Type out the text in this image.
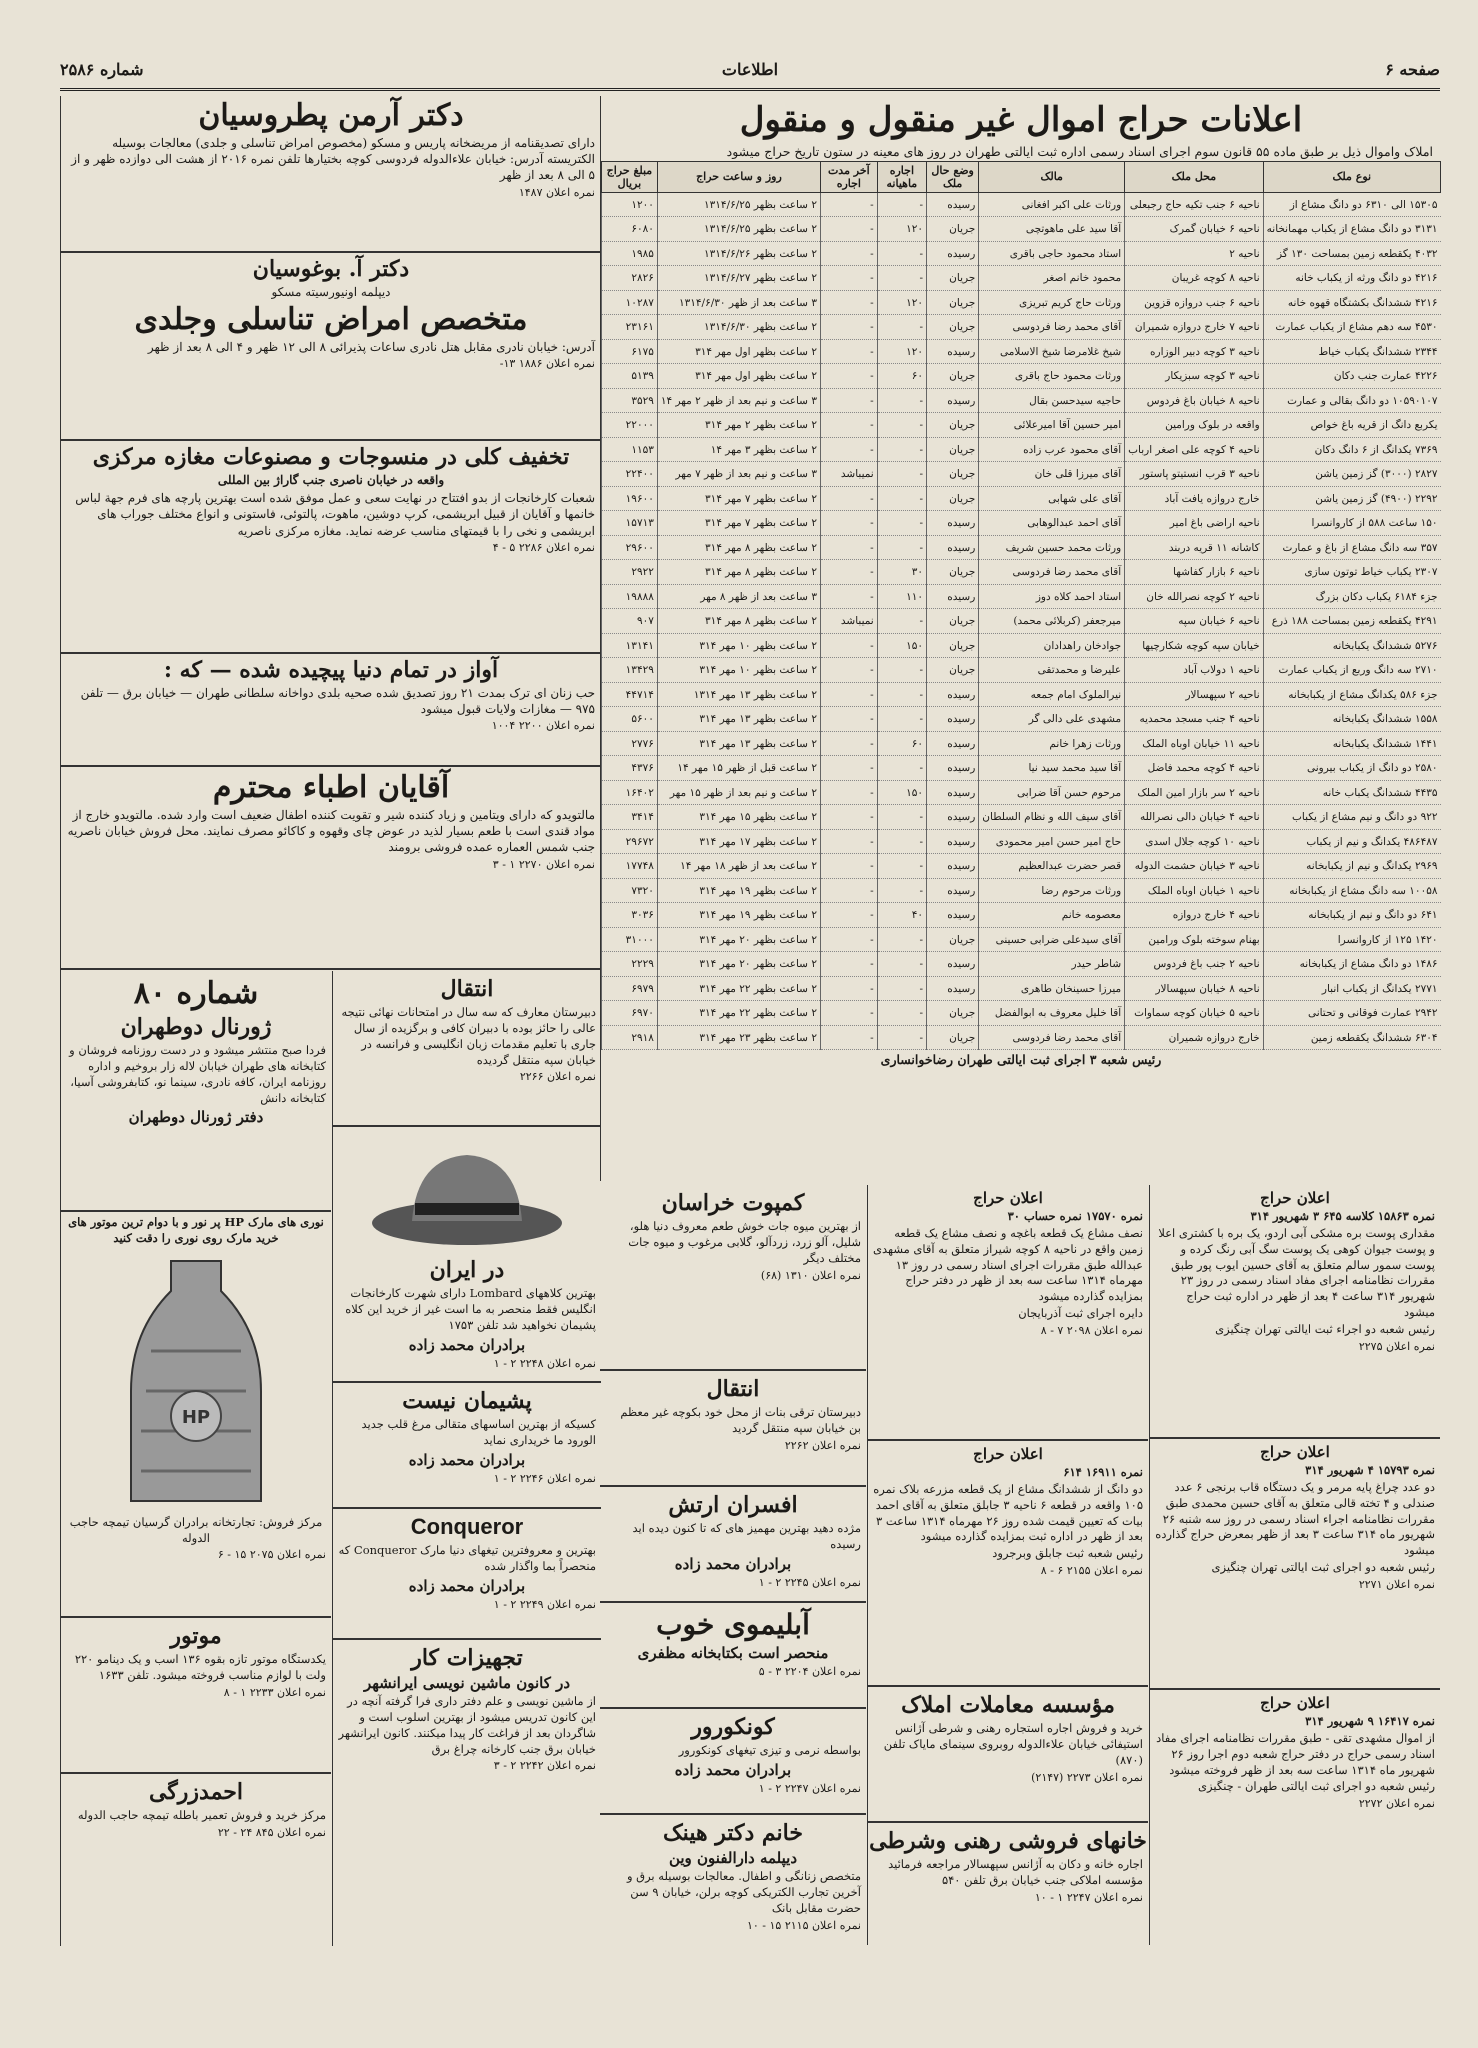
صفحه ۶
اطلاعات
شماره ۲۵۸۶
اعلانات حراج اموال غیر منقول و منقول
املاک واموال ذیل بر طبق ماده ۵۵ قانون سوم اجرای اسناد رسمی اداره ثبت ایالتی طهران در روز های معینه در ستون تاریخ حراج میشود
نوع ملک	محل ملک	مالک	وضع حال ملک	اجاره ماهیانه	آخر مدت اجاره	روز و ساعت حراج	مبلغ حراج بریال
۱۵۳۰۵ الی ۶۳۱۰ دو دانگ مشاع از	ناحیه ۶ جنب تکیه حاج رجبعلی	ورثات علی اکبر افغانی	رسیده	-	-	۲ ساعت بظهر ۱۳۱۴/۶/۲۵	۱۲۰۰
۳۱۳۱ دو دانگ مشاع از یکباب مهمانخانه	ناحیه ۶ خیابان گمرک	آقا سید علی ماهوتچی	جریان	۱۲۰	-	۲ ساعت بظهر ۱۳۱۴/۶/۲۵	۶۰۸۰
۴۰۳۲ یکقطعه زمین بمساحت ۱۳۰ گز	ناحیه ۲	استاد محمود حاجی باقری	رسیده	-	-	۲ ساعت بظهر ۱۳۱۴/۶/۲۶	۱۹۸۵
۴۲۱۶ دو دانگ ورثه از یکباب خانه	ناحیه ۸ کوچه غریبان	محمود خانم اصغر	جریان	-	-	۲ ساعت بظهر ۱۳۱۴/۶/۲۷	۲۸۲۶
۴۲۱۶ ششدانگ بکشتگاه قهوه خانه	ناحیه ۶ جنب دروازه قزوین	ورثات حاج کریم تبریزی	جریان	۱۲۰	-	۳ ساعت بعد از ظهر ۱۳۱۴/۶/۳۰	۱۰۲۸۷
۴۵۳۰ سه دهم مشاع از یکباب عمارت	ناحیه ۷ خارج دروازه شمیران	آقای محمد رضا فردوسی	جریان	-	-	۲ ساعت بظهر ۱۳۱۴/۶/۳۰	۲۳۱۶۱
۲۳۴۴ ششدانگ یکباب خیاط	ناحیه ۳ کوچه دبیر الوزاره	شیخ غلامرضا شیخ الاسلامی	رسیده	۱۲۰	-	۲ ساعت بظهر اول مهر ۳۱۴	۶۱۷۵
۴۲۲۶ عمارت جنب دکان	ناحیه ۳ کوچه سبزیکار	ورثات محمود حاج باقری	جریان	۶۰	-	۲ ساعت بظهر اول مهر ۳۱۴	۵۱۳۹
۱۰۵۹۰۱۰۷ دو دانگ بقالی و عمارت	ناحیه ۸ خیابان باغ فردوس	حاجیه سیدحسن بقال	رسیده	-	-	۳ ساعت و نیم بعد از ظهر ۲ مهر ۱۴	۳۵۲۹
یکربع دانگ از قریه باغ خواص	واقعه در بلوک ورامین	امیر حسین آقا امیرعلائی	جریان	-	-	۲ ساعت بظهر ۲ مهر ۳۱۴	۲۲۰۰۰
۷۳۶۹ یکدانگ از ۶ دانگ دکان	ناحیه ۴ کوچه علی اصغر ارباب	آقای محمود عرب زاده	جریان	-	-	۲ ساعت بظهر ۳ مهر ۱۴	۱۱۵۳
۲۸۲۷ (۳۰۰۰) گز زمین یاشن	ناحیه ۳ قرب انستیتو پاستور	آقای میرزا قلی خان	جریان	-	نمیباشد	۳ ساعت و نیم بعد از ظهر ۷ مهر	۲۲۴۰۰
۲۲۹۲ (۴۹۰۰) گز زمین یاشن	خارج دروازه یافت آباد	آقای علی شهابی	جریان	-	-	۲ ساعت بظهر ۷ مهر ۳۱۴	۱۹۶۰۰
۱۵۰ ساعت ۵۸۸ از کاروانسرا	ناحیه اراضی باغ امیر	آقای احمد عبدالوهابی	رسیده	-	-	۲ ساعت بظهر ۷ مهر ۳۱۴	۱۵۷۱۳
۳۵۷ سه دانگ مشاع از باغ و عمارت	کاشانه ۱۱ قریه دربند	ورثات محمد حسین شریف	رسیده	-	-	۲ ساعت بظهر ۸ مهر ۳۱۴	۲۹۶۰۰
۲۳۰۷ یکباب خیاط توتون سازی	ناحیه ۶ بازار کفاشها	آقای محمد رضا فردوسی	جریان	۳۰	-	۲ ساعت بظهر ۸ مهر ۳۱۴	۲۹۲۲
جزء ۶۱۸۴ یکباب دکان بزرگ	ناحیه ۲ کوچه نصرالله خان	استاد احمد کلاه دوز	رسیده	۱۱۰	-	۳ ساعت بعد از ظهر ۸ مهر	۱۹۸۸۸
۴۲۹۱ یکقطعه زمین بمساحت ۱۸۸ ذرع	ناحیه ۶ خیابان سپه	میرجعفر (کربلائی محمد)	جریان	-	نمیباشد	۲ ساعت بظهر ۸ مهر ۳۱۴	۹۰۷
۵۲۷۶ ششدانگ یکبابخانه	خیابان سپه کوچه شکارچیها	جوادخان راهدادان	جریان	۱۵۰	-	۲ ساعت بظهر ۱۰ مهر ۳۱۴	۱۳۱۴۱
۲۷۱۰ سه دانگ وربع از یکباب عمارت	ناحیه ۱ دولاب آباد	علیرضا و محمدتقی	جریان	-	-	۲ ساعت بظهر ۱۰ مهر ۳۱۴	۱۳۴۲۹
جزء ۵۸۶ یکدانگ مشاع از یکبابخانه	ناحیه ۲ سپهسالار	نیرالملوک امام جمعه	رسیده	-	-	۲ ساعت بظهر ۱۳ مهر ۱۳۱۴	۴۴۷۱۴
۱۵۵۸ ششدانگ یکبابخانه	ناحیه ۴ جنب مسجد محمدیه	مشهدی علی دالی گر	رسیده	-	-	۲ ساعت بظهر ۱۳ مهر ۳۱۴	۵۶۰۰
۱۴۴۱ ششدانگ یکبابخانه	ناحیه ۱۱ خیابان اوباه الملک	ورثات زهرا خانم	رسیده	۶۰	-	۲ ساعت بظهر ۱۳ مهر ۳۱۴	۲۷۷۶
۲۵۸۰ دو دانگ از یکباب بیرونی	ناحیه ۴ کوچه محمد فاضل	آقا سید محمد سید نیا	رسیده	-	-	۲ ساعت قبل از ظهر ۱۵ مهر ۱۴	۴۳۷۶
۴۴۳۵ ششدانگ یکباب خانه	ناحیه ۲ سر بازار امین الملک	مرحوم حسن آقا ضرابی	رسیده	۱۵۰	-	۲ ساعت و نیم بعد از ظهر ۱۵ مهر	۱۶۴۰۲
۹۲۲ دو دانگ و نیم مشاع از یکباب	ناحیه ۴ خیابان دالی نصرالله	آقای سیف الله و نظام السلطان	رسیده	-	-	۲ ساعت بظهر ۱۵ مهر ۳۱۴	۳۴۱۴
۴۸۶۴۸۷ یکدانگ و نیم از یکباب	ناحیه ۱۰ کوچه جلال اسدی	حاج امیر حسن امیر محمودی	رسیده	-	-	۲ ساعت بظهر ۱۷ مهر ۳۱۴	۲۹۶۷۲
۲۹۶۹ یکدانگ و نیم از یکبابخانه	ناحیه ۳ خیابان حشمت الدوله	قصر حضرت عبدالعظیم	رسیده	-	-	۲ ساعت بعد از ظهر ۱۸ مهر ۱۴	۱۷۷۴۸
۱۰۰۵۸ سه دانگ مشاع از یکبابخانه	ناحیه ۱ خیابان اوباه الملک	ورثات مرحوم رضا	رسیده	-	-	۲ ساعت بظهر ۱۹ مهر ۳۱۴	۷۳۲۰
۶۴۱ دو دانگ و نیم از یکبابخانه	ناحیه ۴ خارج دروازه	معصومه خانم	رسیده	۴۰	-	۲ ساعت بظهر ۱۹ مهر ۳۱۴	۳۰۳۶
۱۴۲۰ ۱۲۵ از کاروانسرا	بهنام سوخته بلوک ورامین	آقای سیدعلی ضرابی حسینی	جریان	-	-	۲ ساعت بظهر ۲۰ مهر ۳۱۴	۳۱۰۰۰
۱۴۸۶ دو دانگ مشاع از یکبابخانه	ناحیه ۲ جنب باغ فردوس	شاطر حیدر	رسیده	-	-	۲ ساعت بظهر ۲۰ مهر ۳۱۴	۲۲۲۹
۲۷۷۱ یکدانگ از یکباب انبار	ناحیه ۸ خیابان سپهسالار	میرزا حسینخان طاهری	رسیده	-	-	۲ ساعت بظهر ۲۲ مهر ۳۱۴	۶۹۷۹
۲۹۴۲ عمارت فوقانی و تحتانی	ناحیه ۵ خیابان کوچه سماوات	آقا خلیل معروف به ابوالفضل	جریان	-	-	۲ ساعت بظهر ۲۲ مهر ۳۱۴	۶۹۷۰
۶۳۰۴ ششدانگ یکقطعه زمین	خارج دروازه شمیران	آقای محمد رضا فردوسی	جریان	-	-	۲ ساعت بظهر ۲۳ مهر ۳۱۴	۲۹۱۸
رئیس شعبه ۳ اجرای ثبت ایالتی طهران رضاخوانساری
دکتر آرمن پطروسیان

دارای تصدیقنامه از مریضخانه پاریس و مسکو (مخصوص امراض تناسلی و جلدی) معالجات بوسیله الکتریسته آدرس: خیابان علاءالدوله فردوسی کوچه بختیارها تلفن نمره ۲۰۱۶ از هشت الی دوازده ظهر و از ۵ الی ۸ بعد از ظهر

نمره اعلان ۱۴۸۷

دکتر آ. بوغوسیان

دیپلمه اونیورسیته مسکو

متخصص امراض تناسلی وجلدی

آدرس: خیابان نادری مقابل هتل نادری ساعات پذیرائی ۸ الی ۱۲ ظهر و ۴ الی ۸ بعد از ظهر

نمره اعلان ۱۸۸۶ ۱۳-

تخفیف کلی در منسوجات و مصنوعات مغازه مرکزی

واقعه در خیابان ناصری جنب گاراژ بین المللی

شعبات کارخانجات از بدو افتتاح در نهایت سعی و عمل موفق شده است بهترین پارچه های فرم جهة لباس خانمها و آقایان از قبیل ابریشمی، کرپ دوشین، ماهوت، پالتوئی، فاستونی و انواع مختلف جوراب های ابریشمی و نخی را با قیمتهای مناسب عرضه نماید. مغازه مرکزی ناصریه

نمره اعلان ۲۲۸۶ ۵ - ۴

آواز در تمام دنیا پیچیده شده — که :

حب زنان ای ترک بمدت ۲۱ روز تصدیق شده صحیه بلدی دواخانه سلطانی طهران — خیابان برق — تلفن ۹۷۵ — مغازات ولایات قبول میشود

نمره اعلان ۲۲۰۰ ۱۰۰۴

آقایان اطباء محترم

مالتویدو که دارای ویتامین و زیاد کننده شیر و تقویت کننده اطفال ضعیف است وارد شده. مالتویدو خارج از مواد قندی است با طعم بسیار لذید در عوض چای وقهوه و کاکائو مصرف نمایند. محل فروش خیابان ناصریه جنب شمس العماره عمده فروشی برومند

نمره اعلان ۲۲۷۰ ۱ - ۳

انتقال

دبیرستان معارف که سه سال در امتحانات نهائی نتیجه عالی را حائز بوده با دبیران کافی و برگزیده از سال جاری با تعلیم مقدمات زبان انگلیسی و فرانسه در خیابان سپه منتقل گردیده

نمره اعلان ۲۲۶۶

در ایران

بهترین کلاههای Lombard دارای شهرت کارخانجات انگلیس فقط منحصر به ما است غیر از خرید این کلاه پشیمان نخواهید شد تلفن ۱۷۵۳

برادران محمد زاده

نمره اعلان ۲۲۴۸ ۲ - ۱

پشیمان نیست

کسیکه از بهترین اساسهای متقالی مرغ قلب جدید الورود ما خریداری نماید

برادران محمد زاده

نمره اعلان ۲۲۴۶ ۲ - ۱

Conqueror

بهترین و معروفترین تیغهای دنیا مارک Conqueror که منحصراً بما واگذار شده

برادران محمد زاده

نمره اعلان ۲۲۴۹ ۲ - ۱

تجهیزات کار
در کانون ماشین نویسی ایرانشهر

از ماشین نویسی و علم دفتر داری فرا گرفته آنچه در این کانون تدریس میشود از بهترین اسلوب است و شاگردان بعد از فراغت کار پیدا میکنند. کانون ایرانشهر خیابان برق جنب کارخانه چراغ برق

نمره اعلان ۲۲۴۲ ۲ - ۳

شماره ۸۰
ژورنال دوطهران

فردا صبح منتشر میشود و در دست روزنامه فروشان و کتابخانه های طهران خیابان لاله زار بروخیم و اداره روزنامه ایران، کافه نادری، سینما نو، کتابفروشی آسیا، کتابخانه دانش

دفتر ژورنال دوطهران

نوری های مارک HP پر نور و با دوام ترین موتور های خرید مارک روی نوری را دقت کنید

HP

مرکز فروش: تجارتخانه برادران گرسیان تیمچه حاجب الدوله

نمره اعلان ۲۰۷۵ ۱۵ - ۶

موتور

یکدستگاه موتور تازه بقوه ۱۳۶ اسب و یک دینامو ۲۲۰ ولت با لوازم مناسب فروخته میشود. تلفن ۱۶۳۳

نمره اعلان ۲۲۳۳ ۱ - ۸

احمدزرگی

مرکز خرید و فروش تعمیر باطله تیمچه حاجب الدوله

نمره اعلان ۸۴۵ ۲۴ - ۲۲

اعلان حراج

نمره ۱۵۸۶۳ کلاسه ۶۴۵ ۳ شهریور ۳۱۴

مقداری پوست بره مشکی آبی اردو، یک بره با کشتری اعلا و پوست جیوان کوهی یک پوست سگ آبی رنگ کرده و پوست سمور سالم متعلق به آقای حسین ایوب پور طبق مقررات نظامنامه اجرای مفاد اسناد رسمی در روز ۲۳ شهریور ۳۱۴ ساعت ۴ بعد از ظهر در اداره ثبت حراج میشود

رئیس شعبه دو اجراء ثبت ایالتی تهران چنگیزی

نمره اعلان ۲۲۷۵

اعلان حراج

نمره ۱۵۷۹۳ ۴ شهریور ۳۱۴

دو عدد چراغ پایه مرمر و یک دستگاه قاب برنجی ۶ عدد صندلی و ۴ تخته قالی متعلق به آقای حسین محمدی طبق مقررات نظامنامه اجراء اسناد رسمی در روز سه شنبه ۲۶ شهریور ماه ۳۱۴ ساعت ۳ بعد از ظهر بمعرض حراج گذارده میشود

رئیس شعبه دو اجرای ثبت ایالتی تهران چنگیزی

نمره اعلان ۲۲۷۱

اعلان حراج

نمره ۱۶۴۱۷ ۹ شهریور ۳۱۴

از اموال مشهدی تقی - طبق مقررات نظامنامه اجرای مفاد اسناد رسمی حراج در دفتر حراج شعبه دوم اجرا روز ۲۶ شهریور ماه ۱۳۱۴ ساعت سه بعد از ظهر فروخته میشود

رئیس شعبه دو اجرای ثبت ایالتی طهران - چنگیزی

نمره اعلان ۲۲۷۲

اعلان حراج

نمره ۱۷۵۷۰ نمره حساب ۳۰

نصف مشاع یک قطعه باغچه و نصف مشاع یک قطعه زمین واقع در ناحیه ۸ کوچه شیراز متعلق به آقای مشهدی عبدالله طبق مقررات اجرای اسناد رسمی در روز ۱۳ مهرماه ۱۳۱۴ ساعت سه بعد از ظهر در دفتر حراج بمزایده گذارده میشود

دایره اجرای ثبت آذربایجان

نمره اعلان ۲۰۹۸ ۷ - ۸

اعلان حراج

نمره ۱۶۹۱۱ ۶۱۴

دو دانگ از ششدانگ مشاع از یک قطعه مزرعه بلاک نمره ۱۰۵ واقعه در قطعه ۶ ناحیه ۳ جابلق متعلق به آقای احمد بیات که تعیین قیمت شده روز ۲۶ مهرماه ۱۳۱۴ ساعت ۳ بعد از ظهر در اداره ثبت بمزایده گذارده میشود

رئیس شعبه ثبت جابلق وبرجرود

نمره اعلان ۲۱۵۵ ۶ - ۸

مؤسسه معاملات املاک

خرید و فروش اجاره استجاره رهنی و شرطی آژانس استیفائی خیابان علاءالدوله روبروی سینمای مایاک تلفن (۸۷۰)

نمره اعلان ۲۲۷۳ (۲۱۴۷)

خانهای فروشی رهنی وشرطی

اجاره خانه و دکان به آژانس سپهسالار مراجعه فرمائید مؤسسه املاکی جنب خیابان برق تلفن ۵۴۰

نمره اعلان ۲۲۴۷ ۱ - ۱۰

کمپوت خراسان

از بهترین میوه جات خوش طعم معروف دنیا هلو، شلیل، آلو زرد، زردآلو، گلابی مرغوب و میوه جات مختلف دیگر

نمره اعلان ۱۳۱۰ (۶۸)

انتقال

دبیرستان ترقی بنات از محل خود بکوچه غیر معظم بن خیابان سپه منتقل گردید

نمره اعلان ۲۲۶۲

افسران ارتش

مژده دهید بهترین مهمیز های که تا کنون دیده اید رسیده

برادران محمد زاده

نمره اعلان ۲۲۴۵ ۲ - ۱

آبلیموی خوب
منحصر است بکتابخانه مظفری

نمره اعلان ۲۲۰۴ ۳ - ۵

کونکورور

بواسطه نرمی و تیزی تیغهای کونکورور

برادران محمد زاده

نمره اعلان ۲۲۴۷ ۲ - ۱

خانم دکتر هینک
دیپلمه دارالفنون وین

متخصص زنانگی و اطفال. معالجات بوسیله برق و آخرین تجارب الکتریکی کوچه برلن، خیابان ۹ سن حضرت مقابل بانک

نمره اعلان ۲۱۱۵ ۱۵ - ۱۰
